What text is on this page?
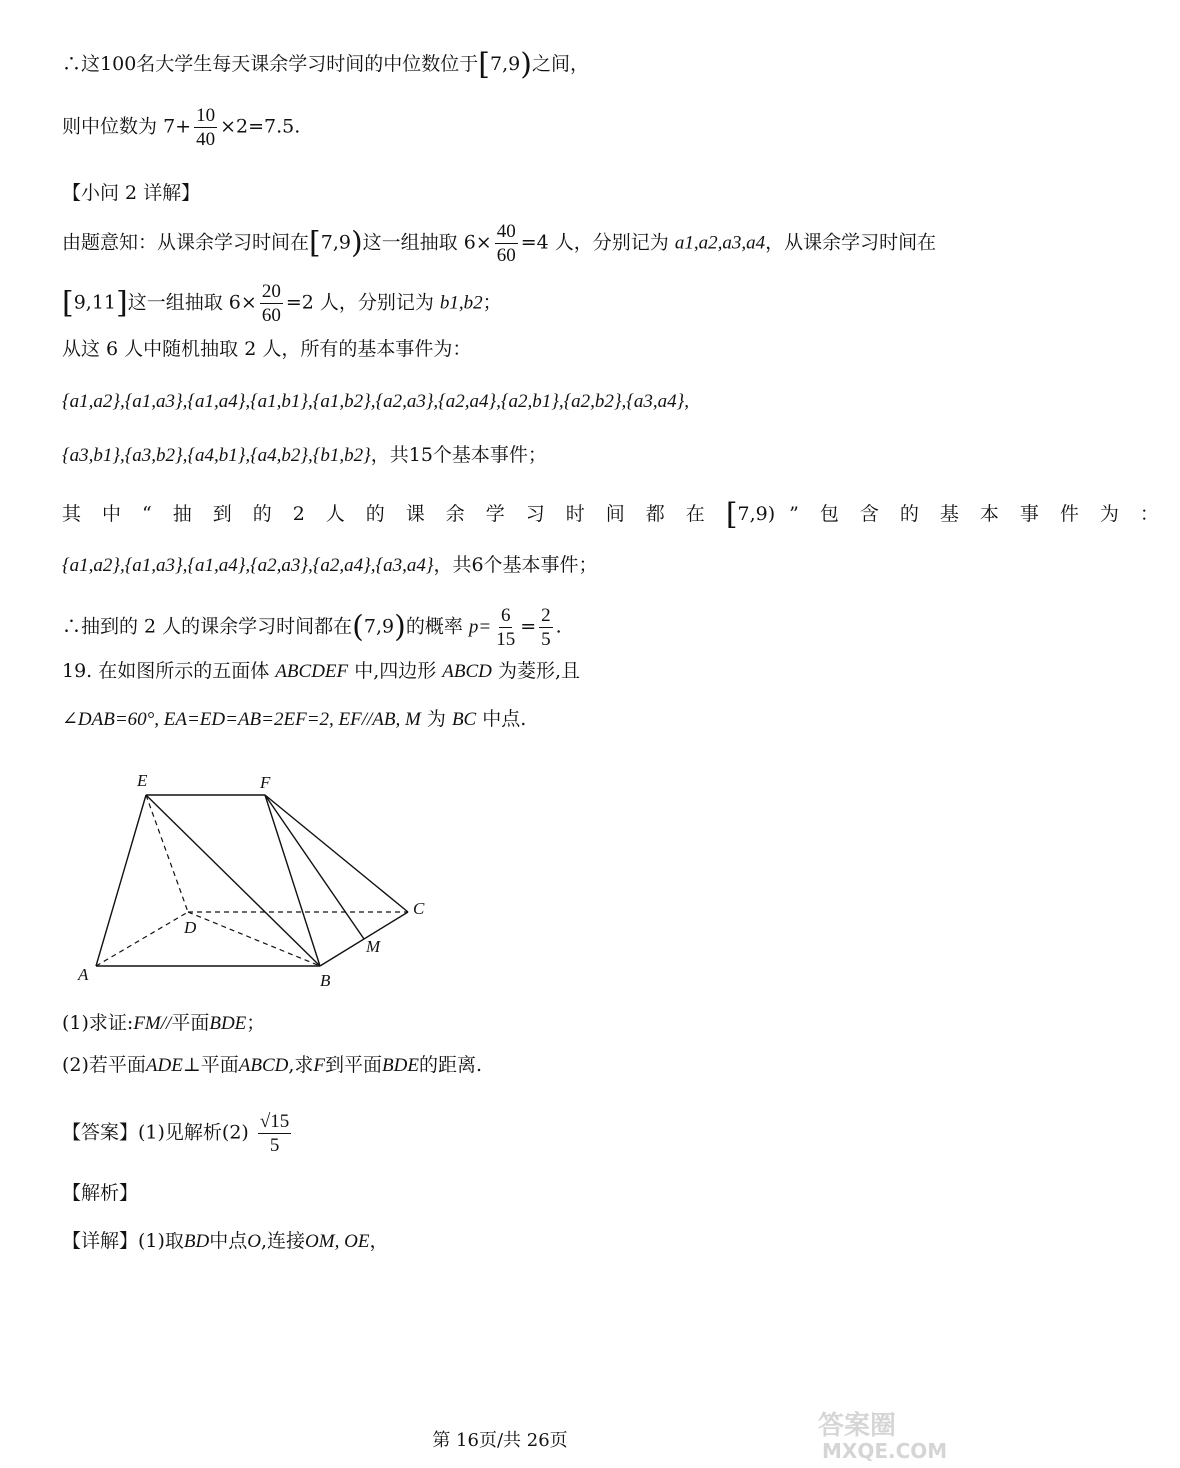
∴这100名大学生每天课余学习时间的中位数位于[7,9)之间，
则中位数为 $7+ \frac{10}{40} \times 2=7.5$.
【小问 2 详解】
由题意知：从课余学习时间在[7,9)这一组抽取 $6\times \frac{40}{60} =4$ 人，分别记为 a1,a2,a3,a4，从课余学习时间在
[9,11]这一组抽取 $6\times \frac{20}{60} =2$ 人，分别记为 b1,b2；
从这 6 人中随机抽取 2 人，所有的基本事件为：
{a1,a2},{a1,a3},{a1,a4},{a1,b1},{a1,b2},{a2,a3},{a2,a4},{a2,b1},{a2,b2},{a3,a4},
{a3,b1},{a3,b2},{a4,b1},{a4,b2},{b1,b2}，共15个基本事件；
其中“抽到的2人的课余学习时间都在[7,9) ”包含的基本事件为：
{a1,a2},{a1,a3},{a1,a4},{a2,a3},{a2,a4},{a3,a4}，共6个基本事件；
∴抽到的 2 人的课余学习时间都在(7,9)的概率 $p= \frac{6}{15} = \frac{2}{5}$ .
19. 在如图所示的五面体 ABCDEF 中,四边形 ABCD 为菱形,且
∠DAB=60°, EA=ED=AB=2EF=2, EF//AB, M 为 BC 中点.
A	B
C
D
E	F
M
(1)求证:FM//平面BDE；
(2)若平面ADE⊥平面ABCD,求F到平面BDE的距离.
【答案】(1)见解析$(2) \frac{√15}{5}$
【解析】
【详解】(1)取BD中点O,连接OM, OE，
第 16页/共 26页	答案圈
MXQE.COM
